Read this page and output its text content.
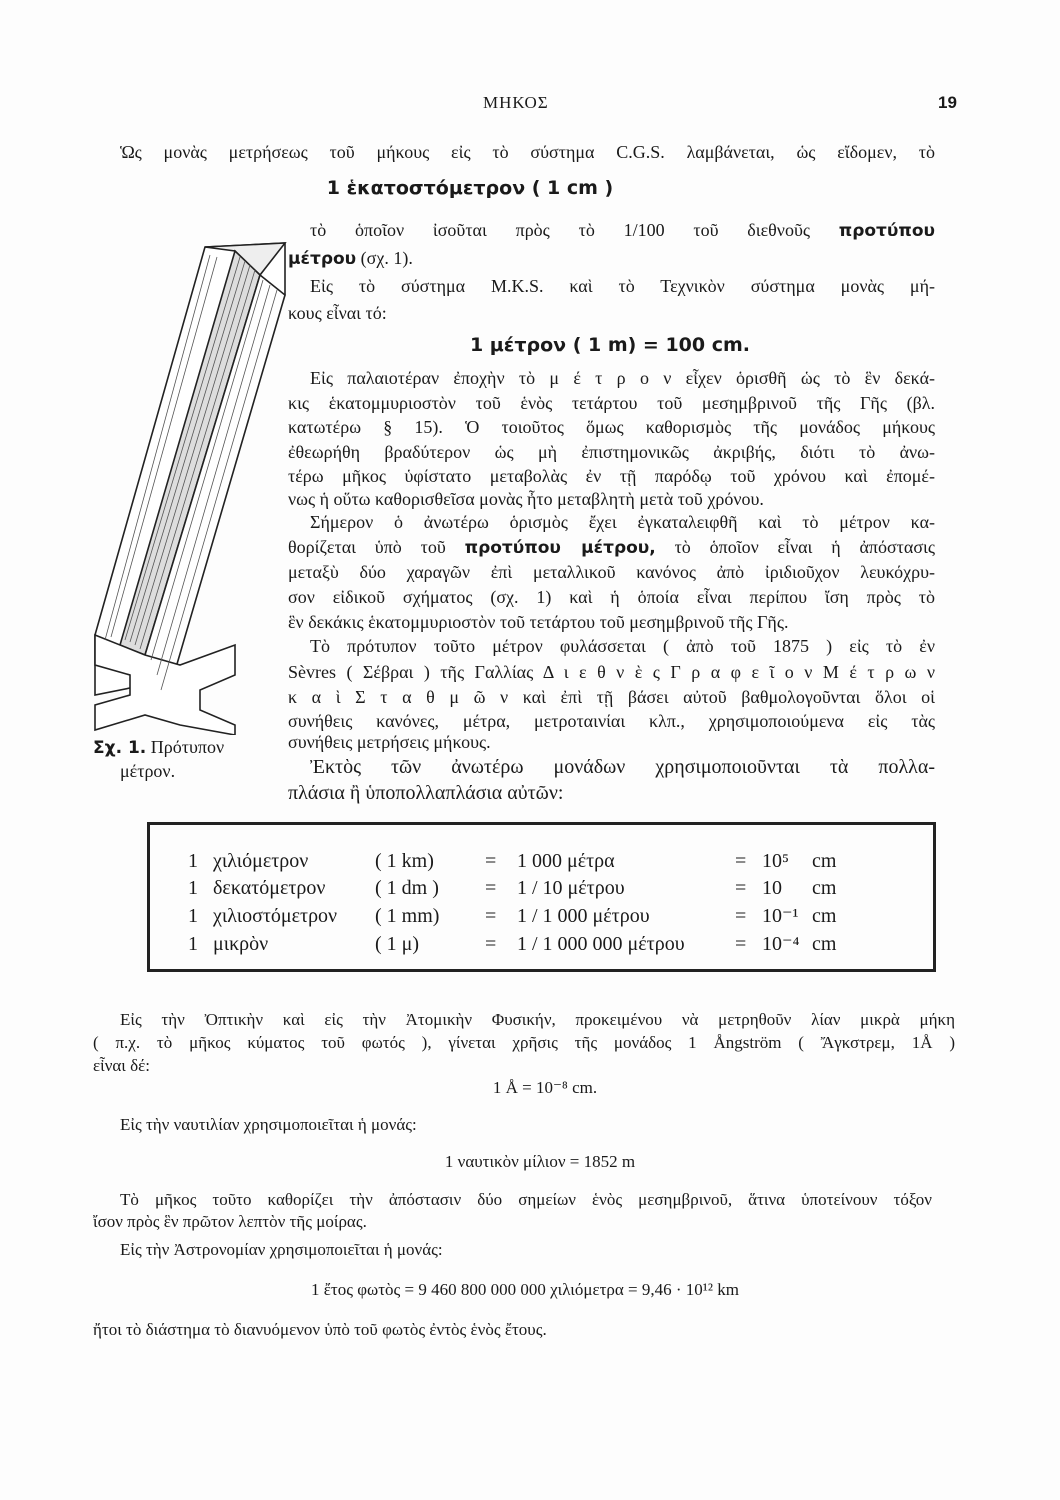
ΜΗΚΟΣ	19
Ὡς μονὰς μετρήσεως τοῦ μήκους εἰς τὸ σύστημα C.G.S. λαμβάνεται, ὡς εἴδομεν, τὸ
1 ἑκατοστόμετρον ( 1 cm )
τὸ ὁποῖον ἰσοῦται πρὸς τὸ 1/100 τοῦ διεθνοῦς προτύπου
μέτρου (σχ. 1).
Εἰς τὸ σύστημα M.K.S. καὶ τὸ Τεχνικὸν σύστημα μονὰς μή-
κους εἶναι τό:
1 μέτρον ( 1 m) = 100 cm.
Εἰς παλαιοτέραν ἐποχὴν τὸ μ έ τ ρ ο ν εἶχεν ὁρισθῆ ὡς τὸ ἓν δεκά-
κις ἑκατομμυριοστὸν τοῦ ἑνὸς τετάρτου τοῦ μεσημβρινοῦ τῆς Γῆς (βλ.
κατωτέρω § 15). Ὁ τοιοῦτος ὅμως καθορισμὸς τῆς μονάδος μήκους
ἐθεωρήθη βραδύτερον ὡς μὴ ἐπιστημονικῶς ἀκριβής, διότι τὸ ἀνω-
τέρω μῆκος ὑφίστατο μεταβολὰς ἐν τῇ παρόδῳ τοῦ χρόνου καὶ ἐπομέ-
νως ἡ οὕτω καθορισθεῖσα μονὰς ἦτο μεταβλητὴ μετὰ τοῦ χρόνου.
Σήμερον ὁ ἀνωτέρω ὁρισμὸς ἔχει ἐγκαταλειφθῆ καὶ τὸ μέτρον κα-
θορίζεται ὑπὸ τοῦ προτύπου μέτρου, τὸ ὁποῖον εἶναι ἡ ἀπόστασις
μεταξὺ δύο χαραγῶν ἐπὶ μεταλλικοῦ κανόνος ἀπὸ ἰριδιοῦχον λευκόχρυ-
σον εἰδικοῦ σχήματος (σχ. 1) καὶ ἡ ὁποία εἶναι περίπου ἴση πρὸς τὸ
ἓν δεκάκις ἑκατομμυριοστὸν τοῦ τετάρτου τοῦ μεσημβρινοῦ τῆς Γῆς.
Τὸ πρότυπον τοῦτο μέτρον φυλάσσεται ( ἀπὸ τοῦ 1875 ) εἰς τὸ ἐν
Sèvres ( Σέβραι ) τῆς Γαλλίας Δ ι ε θ ν ὲ ς Γ ρ α φ ε ῖ ο ν Μ έ τ ρ ω ν
κ α ὶ Σ τ α θ μ ῶ ν καὶ ἐπὶ τῇ βάσει αὐτοῦ βαθμολογοῦνται ὅλοι οἱ
συνήθεις κανόνες, μέτρα, μετροταινίαι κλπ., χρησιμοποιούμενα εἰς τὰς
συνήθεις μετρήσεις μήκους.
Ἐκτὸς τῶν ἀνωτέρω μονάδων χρησιμοποιοῦνται τὰ πολλα-
πλάσια ἢ ὑποπολλαπλάσια αὐτῶν:
Σχ. 1. Πρότυπον
μέτρον.
1 χιλιόμετρον	( 1 km)	= 1 000 μέτρα	= 10⁵ cm
1 δεκατόμετρον ( 1 dm ) = 1 / 10 μέτρου	= 10 cm
1 χιλιοστόμετρον ( 1 mm) = 1 / 1 000 μέτρου	= 10⁻¹ cm
1 μικρὸν	( 1 μ)	= 1 / 1 000 000 μέτρου	= 10⁻⁴ cm
Εἰς τὴν Ὀπτικὴν καὶ εἰς τὴν Ἀτομικὴν Φυσικήν, προκειμένου νὰ μετρηθοῦν λίαν μικρὰ μήκη
( π.χ. τὸ μῆκος κύματος τοῦ φωτός ), γίνεται χρῆσις τῆς μονάδος 1 Ångström ( Ἄγκστρεμ, 1Å )
εἶναι δέ:
1 Å = 10⁻⁸ cm.
Εἰς τὴν ναυτιλίαν χρησιμοποιεῖται ἡ μονάς:
1 ναυτικὸν μίλιον = 1852 m
Τὸ μῆκος τοῦτο καθορίζει τὴν ἀπόστασιν δύο σημείων ἑνὸς μεσημβρινοῦ, ἅτινα ὑποτείνουν τόξον
ἴσον πρὸς ἓν πρῶτον λεπτὸν τῆς μοίρας.
Εἰς τὴν Ἀστρονομίαν χρησιμοποιεῖται ἡ μονάς:
1 ἔτος φωτὸς = 9 460 800 000 000 χιλιόμετρα = 9,46 · 10¹² km
ἤτοι τὸ διάστημα τὸ διανυόμενον ὑπὸ τοῦ φωτὸς ἐντὸς ἑνὸς ἔτους.
